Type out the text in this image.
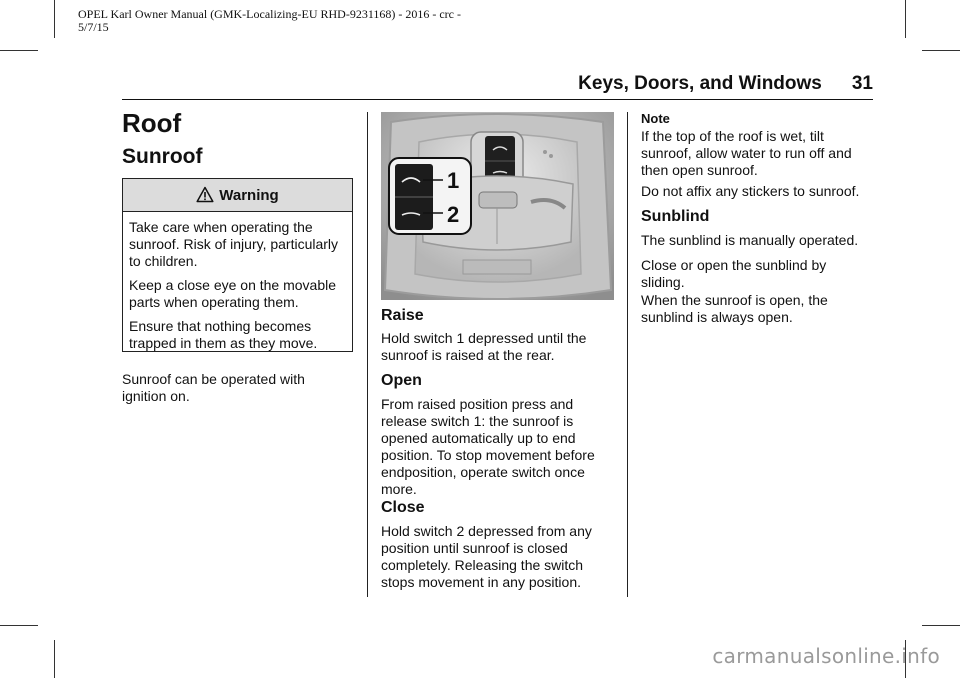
OPEL Karl Owner Manual (GMK-Localizing-EU RHD-9231168) - 2016 - crc -
5/7/15
Keys, Doors, and Windows 31
Roof
Sunroof
Warning

Take care when operating the sunroof. Risk of injury, particularly to children.

Keep a close eye on the movable parts when operating them.

Ensure that nothing becomes trapped in them as they move.

Sunroof can be operated with ignition on.

1
2
Raise

Hold switch 1 depressed until the sunroof is raised at the rear.

Open

From raised position press and release switch 1: the sunroof is opened automatically up to end position. To stop movement before endposition, operate switch once more.

Close

Hold switch 2 depressed from any position until sunroof is closed completely. Releasing the switch stops movement in any position.

Note

If the top of the roof is wet, tilt sunroof, allow water to run off and then open sunroof.

Do not affix any stickers to sunroof.

Sunblind

The sunblind is manually operated.

Close or open the sunblind by sliding.

When the sunroof is open, the sunblind is always open.

carmanualsonline.info
